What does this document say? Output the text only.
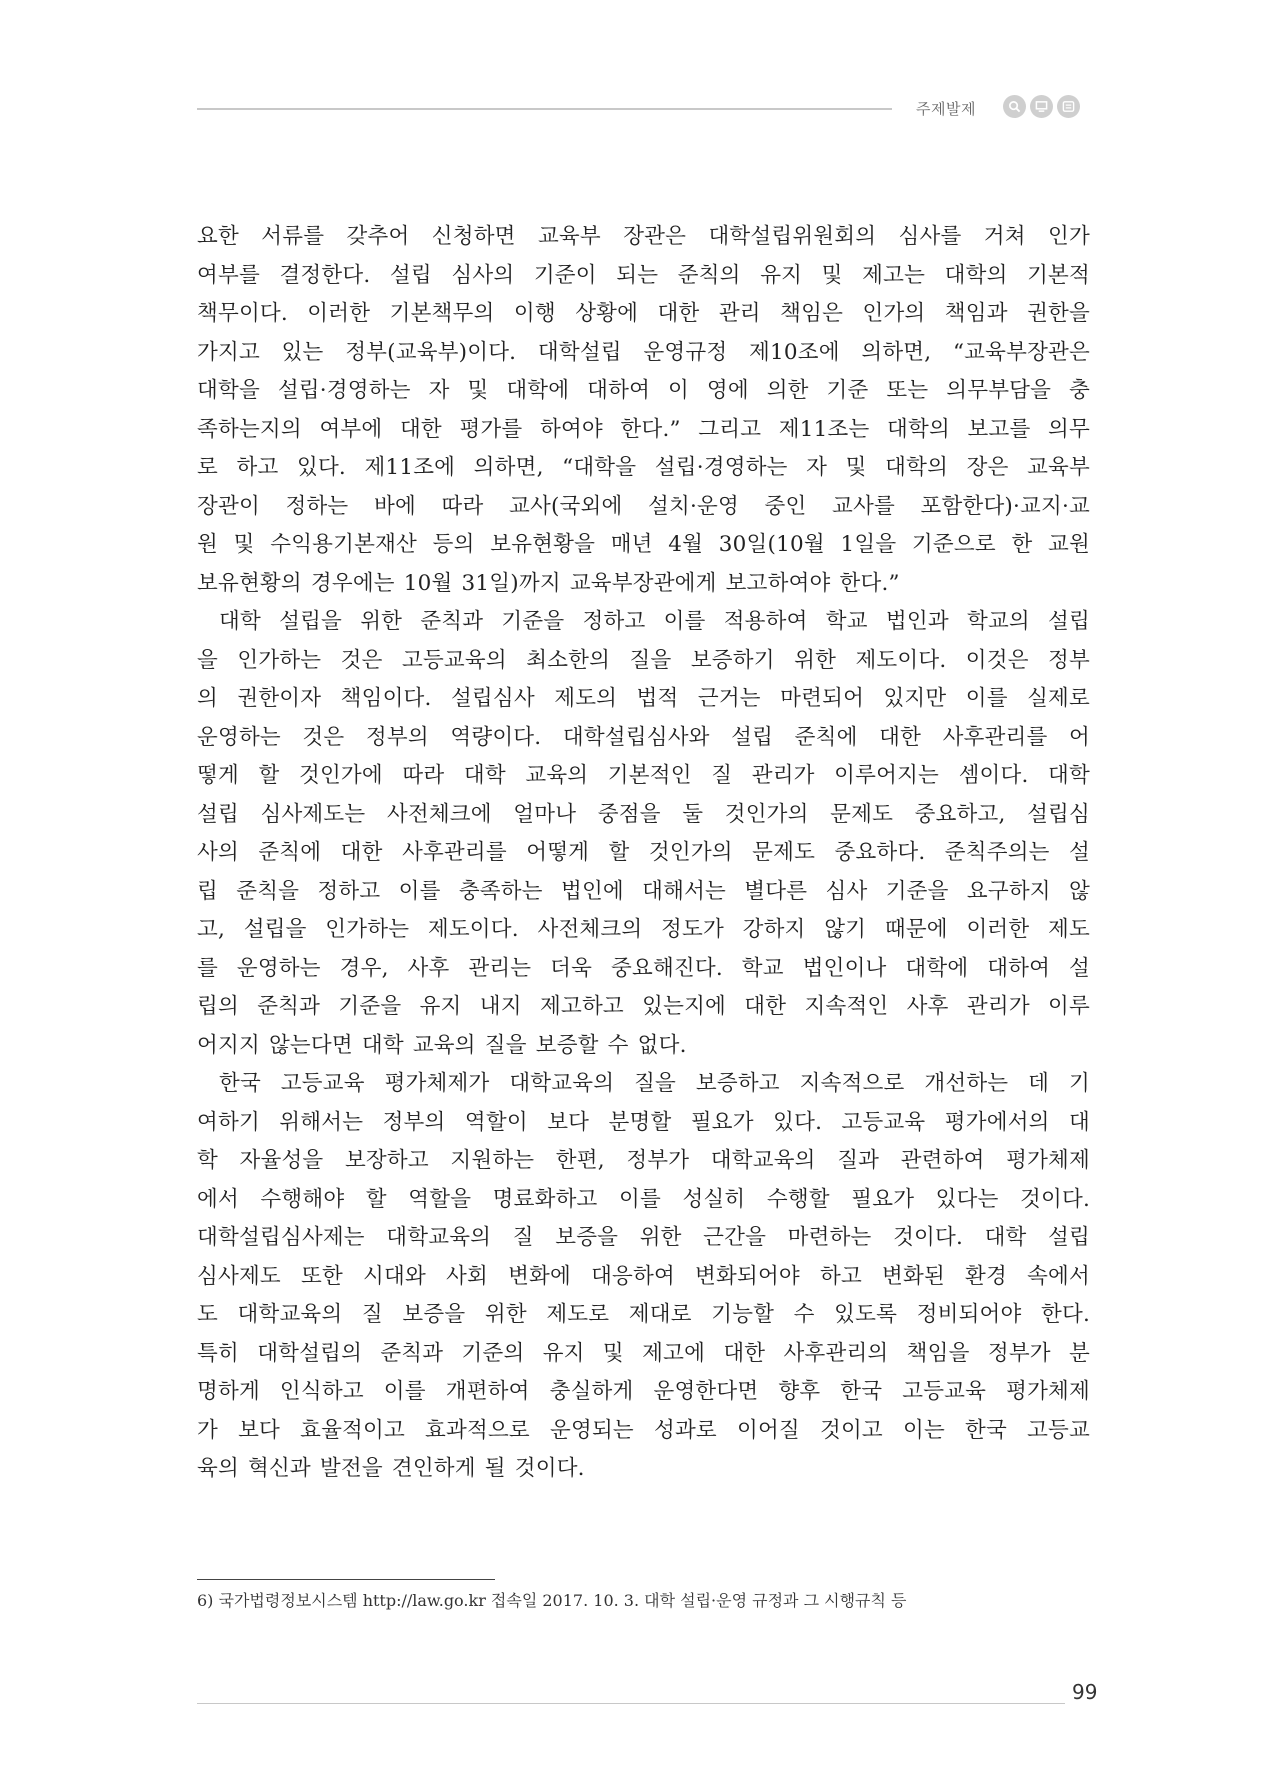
주제발제

요한 서류를 갖추어 신청하면 교육부 장관은 대학설립위원회의 심사를 거쳐 인가

여부를 결정한다. 설립 심사의 기준이 되는 준칙의 유지 및 제고는 대학의 기본적

책무이다. 이러한 기본책무의 이행 상황에 대한 관리 책임은 인가의 책임과 권한을

가지고 있는 정부(교육부)이다. 대학설립 운영규정 제10조에 의하면, “교육부장관은

대학을 설립·경영하는 자 및 대학에 대하여 이 영에 의한 기준 또는 의무부담을 충

족하는지의 여부에 대한 평가를 하여야 한다.” 그리고 제11조는 대학의 보고를 의무

로 하고 있다. 제11조에 의하면, “대학을 설립·경영하는 자 및 대학의 장은 교육부

장관이 정하는 바에 따라 교사(국외에 설치·운영 중인 교사를 포함한다)·교지·교

원 및 수익용기본재산 등의 보유현황을 매년 4월 30일(10월 1일을 기준으로 한 교원

보유현황의 경우에는 10월 31일)까지 교육부장관에게 보고하여야 한다.”

대학 설립을 위한 준칙과 기준을 정하고 이를 적용하여 학교 법인과 학교의 설립

을 인가하는 것은 고등교육의 최소한의 질을 보증하기 위한 제도이다. 이것은 정부

의 권한이자 책임이다. 설립심사 제도의 법적 근거는 마련되어 있지만 이를 실제로

운영하는 것은 정부의 역량이다. 대학설립심사와 설립 준칙에 대한 사후관리를 어

떻게 할 것인가에 따라 대학 교육의 기본적인 질 관리가 이루어지는 셈이다. 대학

설립 심사제도는 사전체크에 얼마나 중점을 둘 것인가의 문제도 중요하고, 설립심

사의 준칙에 대한 사후관리를 어떻게 할 것인가의 문제도 중요하다. 준칙주의는 설

립 준칙을 정하고 이를 충족하는 법인에 대해서는 별다른 심사 기준을 요구하지 않

고, 설립을 인가하는 제도이다. 사전체크의 정도가 강하지 않기 때문에 이러한 제도

를 운영하는 경우, 사후 관리는 더욱 중요해진다. 학교 법인이나 대학에 대하여 설

립의 준칙과 기준을 유지 내지 제고하고 있는지에 대한 지속적인 사후 관리가 이루

어지지 않는다면 대학 교육의 질을 보증할 수 없다.

한국 고등교육 평가체제가 대학교육의 질을 보증하고 지속적으로 개선하는 데 기

여하기 위해서는 정부의 역할이 보다 분명할 필요가 있다. 고등교육 평가에서의 대

학 자율성을 보장하고 지원하는 한편, 정부가 대학교육의 질과 관련하여 평가체제

에서 수행해야 할 역할을 명료화하고 이를 성실히 수행할 필요가 있다는 것이다.

대학설립심사제는 대학교육의 질 보증을 위한 근간을 마련하는 것이다. 대학 설립

심사제도 또한 시대와 사회 변화에 대응하여 변화되어야 하고 변화된 환경 속에서

도 대학교육의 질 보증을 위한 제도로 제대로 기능할 수 있도록 정비되어야 한다.

특히 대학설립의 준칙과 기준의 유지 및 제고에 대한 사후관리의 책임을 정부가 분

명하게 인식하고 이를 개편하여 충실하게 운영한다면 향후 한국 고등교육 평가체제

가 보다 효율적이고 효과적으로 운영되는 성과로 이어질 것이고 이는 한국 고등교

육의 혁신과 발전을 견인하게 될 것이다.

6) 국가법령정보시스템 http://law.go.kr 접속일 2017. 10. 3. 대학 설립·운영 규정과 그 시행규칙 등
99
